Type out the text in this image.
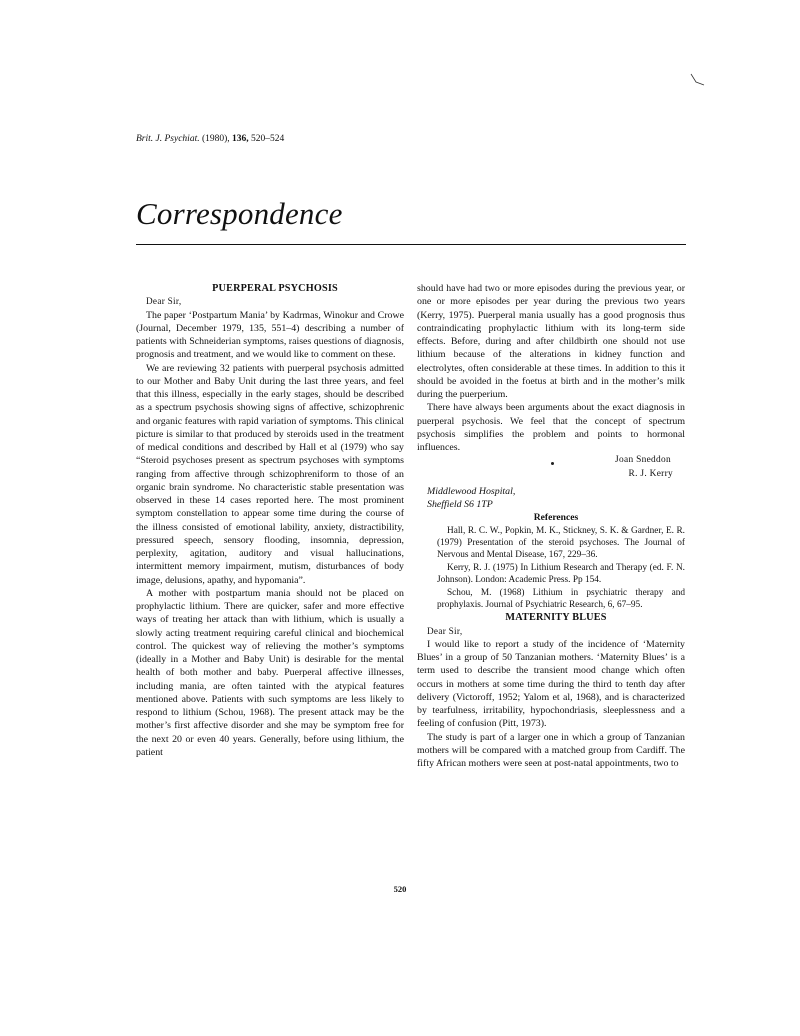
Brit. J. Psychiat. (1980), 136, 520–524
Correspondence

PUERPERAL PSYCHOSIS

Dear Sir,

The paper ‘Postpartum Mania’ by Kadrmas, Winokur and Crowe (Journal, December 1979, 135, 551–4) describing a number of patients with Schneiderian symptoms, raises questions of diagnosis, prognosis and treatment, and we would like to comment on these.

We are reviewing 32 patients with puerperal psychosis admitted to our Mother and Baby Unit during the last three years, and feel that this illness, especially in the early stages, should be described as a spectrum psychosis showing signs of affective, schizophrenic and organic features with rapid variation of symptoms. This clinical picture is similar to that produced by steroids used in the treatment of medical conditions and described by Hall et al (1979) who say “Steroid psychoses present as spectrum psychoses with symptoms ranging from affective through schizophreniform to those of an organic brain syndrome. No characteristic stable presentation was observed in these 14 cases reported here. The most prominent symptom constellation to appear some time during the course of the illness consisted of emotional lability, anxiety, distractibility, pressured speech, sensory flooding, insomnia, depression, perplexity, agitation, auditory and visual hallucinations, intermittent memory impairment, mutism, disturbances of body image, delusions, apathy, and hypomania”.

A mother with postpartum mania should not be placed on prophylactic lithium. There are quicker, safer and more effective ways of treating her attack than with lithium, which is usually a slowly acting treatment requiring careful clinical and biochemical control. The quickest way of relieving the mother’s symptoms (ideally in a Mother and Baby Unit) is desirable for the mental health of both mother and baby. Puerperal affective illnesses, including mania, are often tainted with the atypical features mentioned above. Patients with such symptoms are less likely to respond to lithium (Schou, 1968). The present attack may be the mother’s first affective disorder and she may be symptom free for the next 20 or even 40 years. Generally, before using lithium, the patient

should have had two or more episodes during the previous year, or one or more episodes per year during the previous two years (Kerry, 1975). Puerperal mania usually has a good prognosis thus contraindicating prophylactic lithium with its long-term side effects. Before, during and after childbirth one should not use lithium because of the alterations in kidney function and electrolytes, often considerable at these times. In addition to this it should be avoided in the foetus at birth and in the mother’s milk during the puerperium.

There have always been arguments about the exact diagnosis in puerperal psychosis. We feel that the concept of spectrum psychosis simplifies the problem and points to hormonal influences.

Joan Sneddon

R. J. Kerry

Middlewood Hospital,

Sheffield S6 1TP

References

Hall, R. C. W., Popkin, M. K., Stickney, S. K. & Gardner, E. R. (1979) Presentation of the steroid psychoses. The Journal of Nervous and Mental Disease, 167, 229–36.

Kerry, R. J. (1975) In Lithium Research and Therapy (ed. F. N. Johnson). London: Academic Press. Pp 154.

Schou, M. (1968) Lithium in psychiatric therapy and prophylaxis. Journal of Psychiatric Research, 6, 67–95.

MATERNITY BLUES

Dear Sir,

I would like to report a study of the incidence of ‘Maternity Blues’ in a group of 50 Tanzanian mothers. ‘Maternity Blues’ is a term used to describe the transient mood change which often occurs in mothers at some time during the third to tenth day after delivery (Victoroff, 1952; Yalom et al, 1968), and is characterized by tearfulness, irritability, hypochondriasis, sleeplessness and a feeling of confusion (Pitt, 1973).

The study is part of a larger one in which a group of Tanzanian mothers will be compared with a matched group from Cardiff. The fifty African mothers were seen at post-natal appointments, two to

520
